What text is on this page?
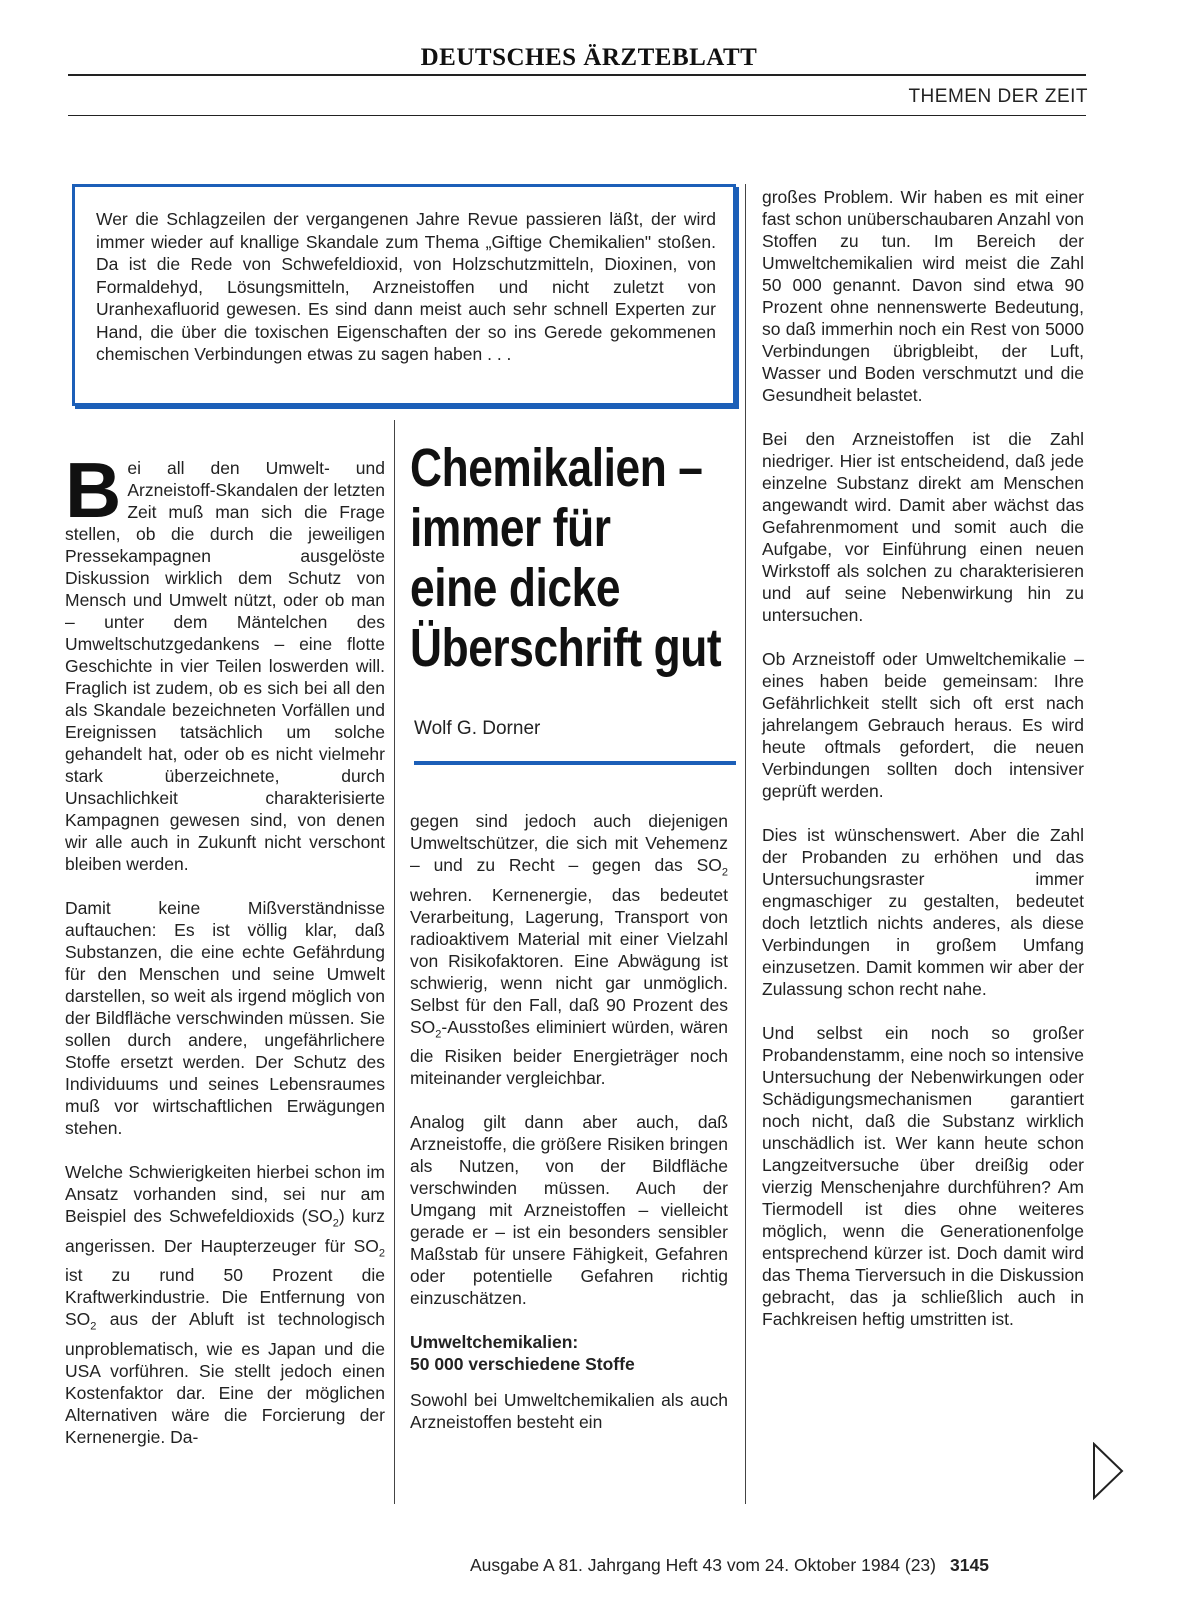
DEUTSCHES ÄRZTEBLATT
THEMEN DER ZEIT
Wer die Schlagzeilen der vergangenen Jahre Revue passieren läßt, der wird immer wieder auf knallige Skandale zum Thema „Giftige Chemikalien" stoßen. Da ist die Rede von Schwefeldioxid, von Holzschutzmitteln, Dioxinen, von Formaldehyd, Lösungsmitteln, Arzneistoffen und nicht zuletzt von Uranhexafluorid gewesen. Es sind dann meist auch sehr schnell Experten zur Hand, die über die toxischen Eigenschaften der so ins Gerede gekommenen chemischen Verbindungen etwas zu sagen haben . . .

Bei all den Umwelt- und Arzneistoff-Skandalen der letzten Zeit muß man sich die Frage stellen, ob die durch die jeweiligen Pressekampagnen ausgelöste Diskussion wirklich dem Schutz von Mensch und Umwelt nützt, oder ob man – unter dem Mäntelchen des Umweltschutzgedankens – eine flotte Geschichte in vier Teilen loswerden will. Fraglich ist zudem, ob es sich bei all den als Skandale bezeichneten Vorfällen und Ereignissen tatsächlich um solche gehandelt hat, oder ob es nicht vielmehr stark überzeichnete, durch Unsachlichkeit charakterisierte Kampagnen gewesen sind, von denen wir alle auch in Zukunft nicht verschont bleiben werden.

Damit keine Mißverständnisse auftauchen: Es ist völlig klar, daß Substanzen, die eine echte Gefährdung für den Menschen und seine Umwelt darstellen, so weit als irgend möglich von der Bildfläche verschwinden müssen. Sie sollen durch andere, ungefährlichere Stoffe ersetzt werden. Der Schutz des Individuums und seines Lebensraumes muß vor wirtschaftlichen Erwägungen stehen.

Welche Schwierigkeiten hierbei schon im Ansatz vorhanden sind, sei nur am Beispiel des Schwefeldioxids $(SO_2)$ kurz angerissen. Der Haupterzeuger für $SO_2$ ist zu rund 50 Prozent die Kraftwerkindustrie. Die Entfernung von $SO_2$ aus der Abluft ist technologisch unproblematisch, wie es Japan und die USA vorführen. Sie stellt jedoch einen Kostenfaktor dar. Eine der möglichen Alternativen wäre die Forcierung der Kernenergie. Da-

Chemikalien –
immer für
eine dicke
Überschrift gut
Wolf G. Dorner

gegen sind jedoch auch diejenigen Umweltschützer, die sich mit Vehemenz – und zu Recht – gegen das $SO_2$ wehren. Kernenergie, das bedeutet Verarbeitung, Lagerung, Transport von radioaktivem Material mit einer Vielzahl von Risikofaktoren. Eine Abwägung ist schwierig, wenn nicht gar unmöglich. Selbst für den Fall, daß 90 Prozent des $SO_2$-Ausstoßes eliminiert würden, wären die Risiken beider Energieträger noch miteinander vergleichbar.

Analog gilt dann aber auch, daß Arzneistoffe, die größere Risiken bringen als Nutzen, von der Bildfläche verschwinden müssen. Auch der Umgang mit Arzneistoffen – vielleicht gerade er – ist ein besonders sensibler Maßstab für unsere Fähigkeit, Gefahren oder potentielle Gefahren richtig einzuschätzen.

Umweltchemikalien:
50 000 verschiedene Stoffe

Sowohl bei Umweltchemikalien als auch Arzneistoffen besteht ein

großes Problem. Wir haben es mit einer fast schon unüberschaubaren Anzahl von Stoffen zu tun. Im Bereich der Umweltchemikalien wird meist die Zahl 50 000 genannt. Davon sind etwa 90 Prozent ohne nennenswerte Bedeutung, so daß immerhin noch ein Rest von 5000 Verbindungen übrigbleibt, der Luft, Wasser und Boden verschmutzt und die Gesundheit belastet.

Bei den Arzneistoffen ist die Zahl niedriger. Hier ist entscheidend, daß jede einzelne Substanz direkt am Menschen angewandt wird. Damit aber wächst das Gefahrenmoment und somit auch die Aufgabe, vor Einführung einen neuen Wirkstoff als solchen zu charakterisieren und auf seine Nebenwirkung hin zu untersuchen.

Ob Arzneistoff oder Umweltchemikalie – eines haben beide gemeinsam: Ihre Gefährlichkeit stellt sich oft erst nach jahrelangem Gebrauch heraus. Es wird heute oftmals gefordert, die neuen Verbindungen sollten doch intensiver geprüft werden.

Dies ist wünschenswert. Aber die Zahl der Probanden zu erhöhen und das Untersuchungsraster immer engmaschiger zu gestalten, bedeutet doch letztlich nichts anderes, als diese Verbindungen in großem Umfang einzusetzen. Damit kommen wir aber der Zulassung schon recht nahe.

Und selbst ein noch so großer Probandenstamm, eine noch so intensive Untersuchung der Nebenwirkungen oder Schädigungsmechanismen garantiert noch nicht, daß die Substanz wirklich unschädlich ist. Wer kann heute schon Langzeitversuche über dreißig oder vierzig Menschenjahre durchführen? Am Tiermodell ist dies ohne weiteres möglich, wenn die Generationenfolge entsprechend kürzer ist. Doch damit wird das Thema Tierversuch in die Diskussion gebracht, das ja schließlich auch in Fachkreisen heftig umstritten ist.

Ausgabe A 81. Jahrgang Heft 43 vom 24. Oktober 1984 (23) 3145
